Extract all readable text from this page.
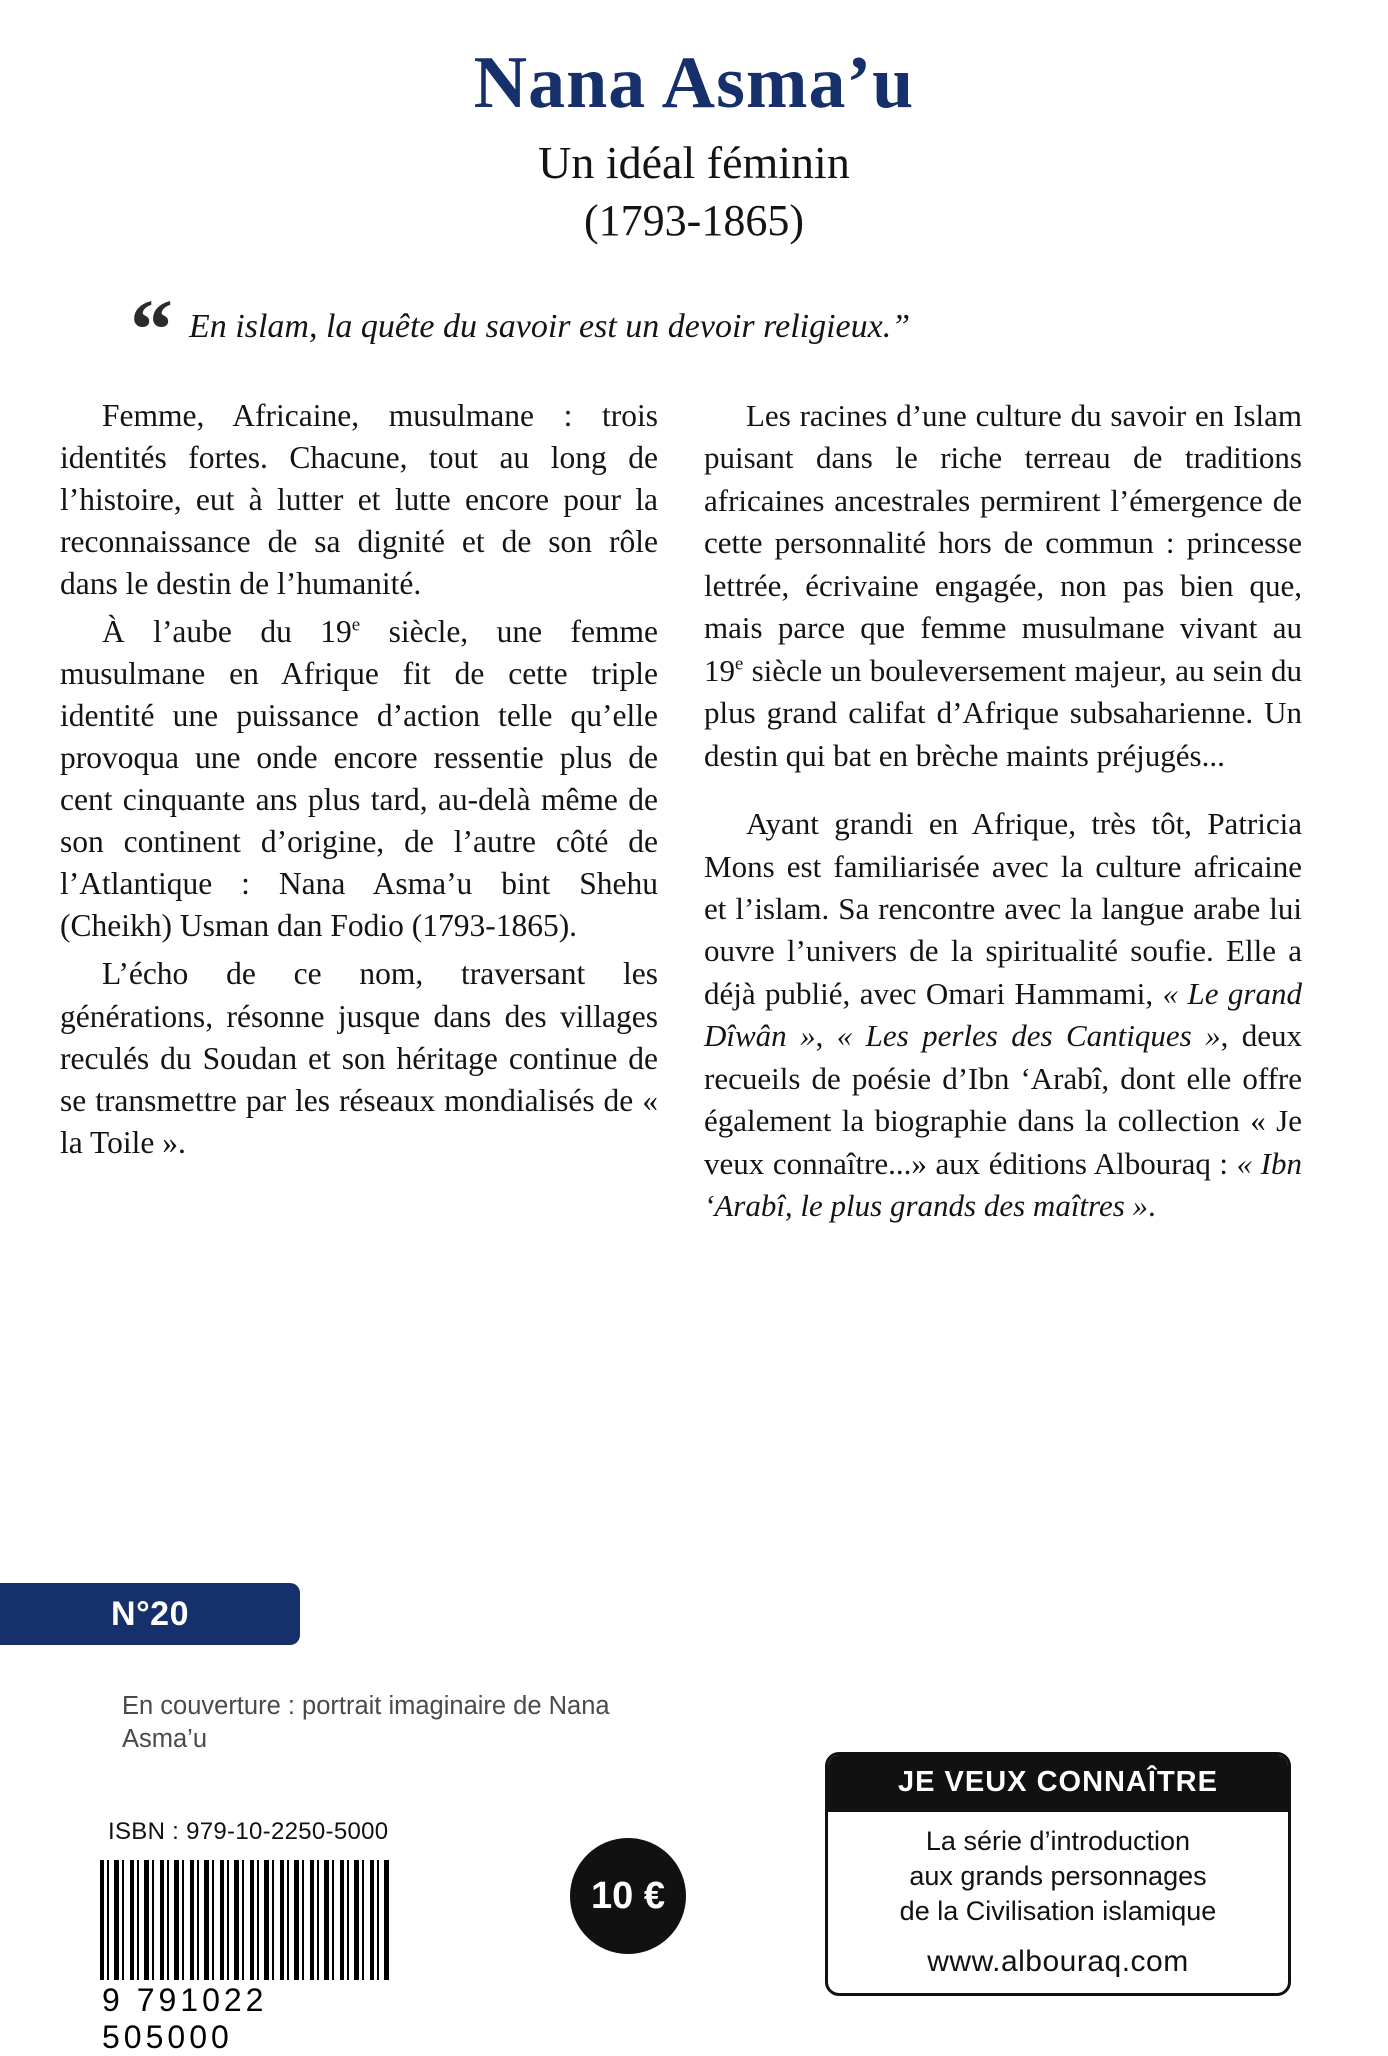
Nana Asma’u
Un idéal féminin
(1793-1865)
“ En islam, la quête du savoir est un devoir religieux.”

Femme, Africaine, musulmane : trois identités fortes. Chacune, tout au long de l’histoire, eut à lutter et lutte encore pour la reconnaissance de sa dignité et de son rôle dans le destin de l’humanité.

À l’aube du 19e siècle, une femme musulmane en Afrique fit de cette triple identité une puissance d’action telle qu’elle provoqua une onde encore ressentie plus de cent cinquante ans plus tard, au-delà même de son continent d’origine, de l’autre côté de l’Atlantique : Nana Asma’u bint Shehu (Cheikh) Usman dan Fodio (1793-1865).

L’écho de ce nom, traversant les générations, résonne jusque dans des villages reculés du Soudan et son héritage continue de se transmettre par les réseaux mondialisés de « la Toile ».

Les racines d’une culture du savoir en Islam puisant dans le riche terreau de traditions africaines ancestrales permirent l’émergence de cette personnalité hors de commun : princesse lettrée, écrivaine engagée, non pas bien que, mais parce que femme musulmane vivant au 19e siècle un bouleversement majeur, au sein du plus grand califat d’Afrique subsaharienne. Un destin qui bat en brèche maints préjugés...

Ayant grandi en Afrique, très tôt, Patricia Mons est familiarisée avec la culture africaine et l’islam. Sa rencontre avec la langue arabe lui ouvre l’univers de la spiritualité soufie. Elle a déjà publié, avec Omari Hammami, « Le grand Dîwân », « Les perles des Cantiques », deux recueils de poésie d’Ibn ‘Arabî, dont elle offre également la biographie dans la collection « Je veux connaître...» aux éditions Albouraq : « Ibn ‘Arabî, le plus grands des maîtres ».

N°20
En couverture : portrait imaginaire de Nana Asma’u
ISBN : 979-10-2250-5000
9 791022 505000
10 €
JE VEUX CONNAÎTRE
La série d’introduction
aux grands personnages
de la Civilisation islamique
www.albouraq.com
